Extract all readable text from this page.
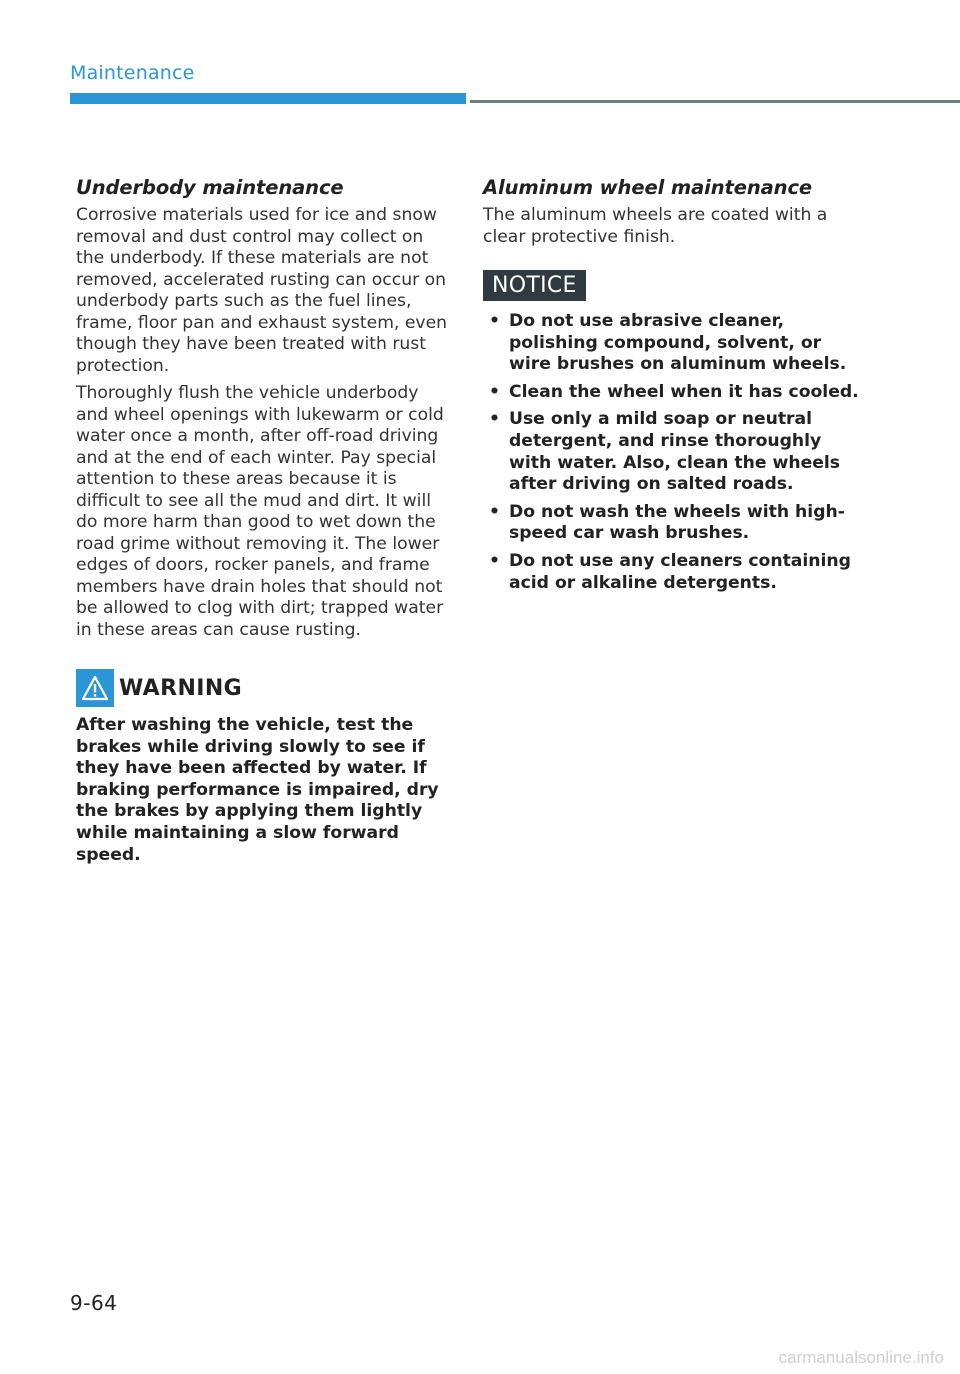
Maintenance
Underbody maintenance

Corrosive materials used for ice and snow removal and dust control may collect on the underbody. If these materials are not removed, accelerated rusting can occur on underbody parts such as the fuel lines, frame, floor pan and exhaust system, even though they have been treated with rust protection.

Thoroughly flush the vehicle underbody and wheel openings with lukewarm or cold water once a month, after off-road driving and at the end of each winter. Pay special attention to these areas because it is difficult to see all the mud and dirt. It will do more harm than good to wet down the road grime without removing it. The lower edges of doors, rocker panels, and frame members have drain holes that should not be allowed to clog with dirt; trapped water in these areas can cause rusting.

WARNING

After washing the vehicle, test the brakes while driving slowly to see if they have been affected by water. If braking performance is impaired, dry the brakes by applying them lightly while maintaining a slow forward speed.

Aluminum wheel maintenance

The aluminum wheels are coated with a clear protective finish.

NOTICE
• Do not use abrasive cleaner, polishing compound, solvent, or wire brushes on aluminum wheels.
• Clean the wheel when it has cooled.
• Use only a mild soap or neutral detergent, and rinse thoroughly with water. Also, clean the wheels after driving on salted roads.
• Do not wash the wheels with high-speed car wash brushes.
• Do not use any cleaners containing acid or alkaline detergents.
9-64
carmanualsonline.info
